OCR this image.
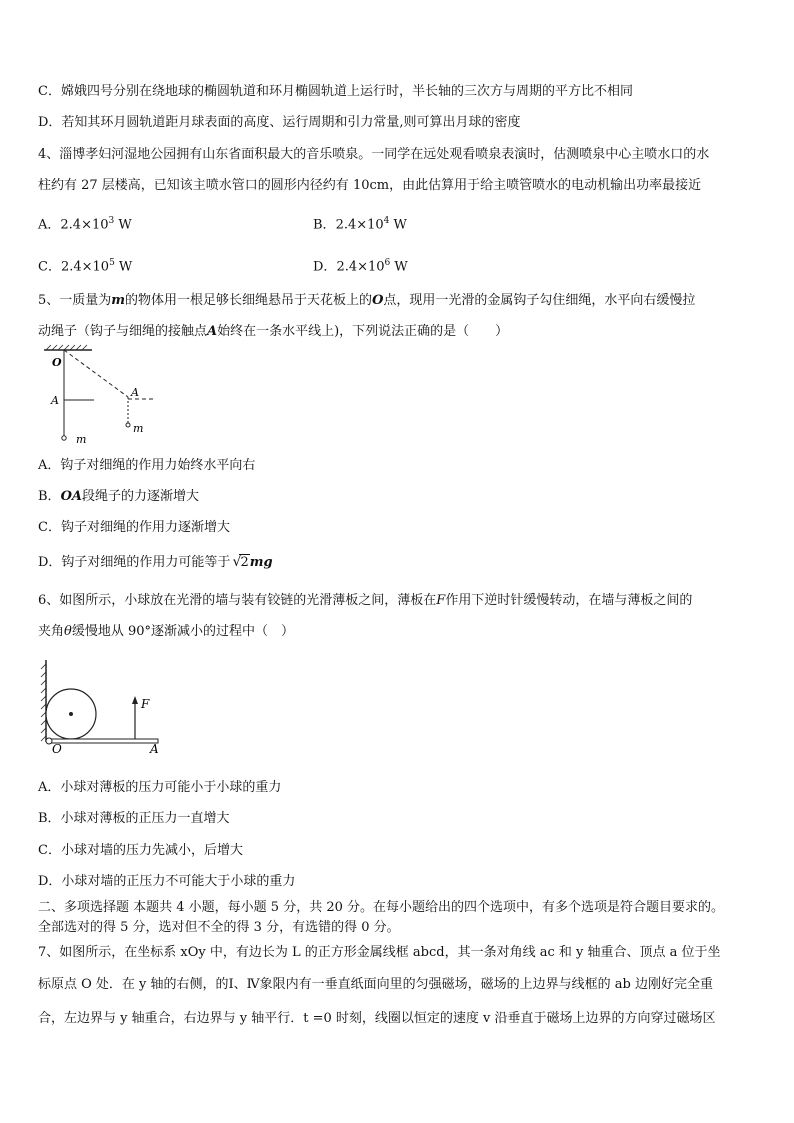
C．嫦娥四号分别在绕地球的椭圆轨道和环月椭圆轨道上运行时，半长轴的三次方与周期的平方比不相同
D．若知其环月圆轨道距月球表面的高度、运行周期和引力常量,则可算出月球的密度
4、淄博孝妇河湿地公园拥有山东省面积最大的音乐喷泉。一同学在远处观看喷泉表演时，估测喷泉中心主喷水口的水
柱约有 27 层楼高，已知该主喷水管口的圆形内径约有 10cm，由此估算用于给主喷管喷水的电动机输出功率最接近
A．$2.4\times 10^3$ W	B．$2.4\times 10^4$ W
C．$2.4\times 10^5$ W	D．$2.4\times 10^6$ W
5、一质量为m的物体用一根足够长细绳悬吊于天花板上的O点，现用一光滑的金属钩子勾住细绳，水平向右缓慢拉
动绳子（钩子与细绳的接触点A始终在一条水平线上)，下列说法正确的是（　　）
O
A
m
A
m
A．钩子对细绳的作用力始终水平向右
B．OA段绳子的力逐渐增大
C．钩子对细绳的作用力逐渐增大
D．钩子对细绳的作用力可能等于 √ 2mg
6、如图所示，小球放在光滑的墙与装有铰链的光滑薄板之间，薄板在F作用下逆时针缓慢转动，在墙与薄板之间的
夹角θ缓慢地从 90°逐渐减小的过程中（　）
F
O	A
A．小球对薄板的压力可能小于小球的重力
B．小球对薄板的正压力一直增大
C．小球对墙的压力先减小，后增大
D．小球对墙的正压力不可能大于小球的重力
二、多项选择题 本题共 4 小题，每小题 5 分，共 20 分。在每小题给出的四个选项中，有多个选项是符合题目要求的。
全部选对的得 5 分，选对但不全的得 3 分，有选错的得 0 分。
7、如图所示，在坐标系 xOy 中，有边长为 L 的正方形金属线框 abcd，其一条对角线 ac 和 y 轴重合、顶点 a 位于坐
标原点 O 处．在 y 轴的右侧，的Ⅰ、Ⅳ象限内有一垂直纸面向里的匀强磁场，磁场的上边界与线框的 ab 边刚好完全重
合，左边界与 y 轴重合，右边界与 y 轴平行．t =0 时刻，线圈以恒定的速度 v 沿垂直于磁场上边界的方向穿过磁场区
